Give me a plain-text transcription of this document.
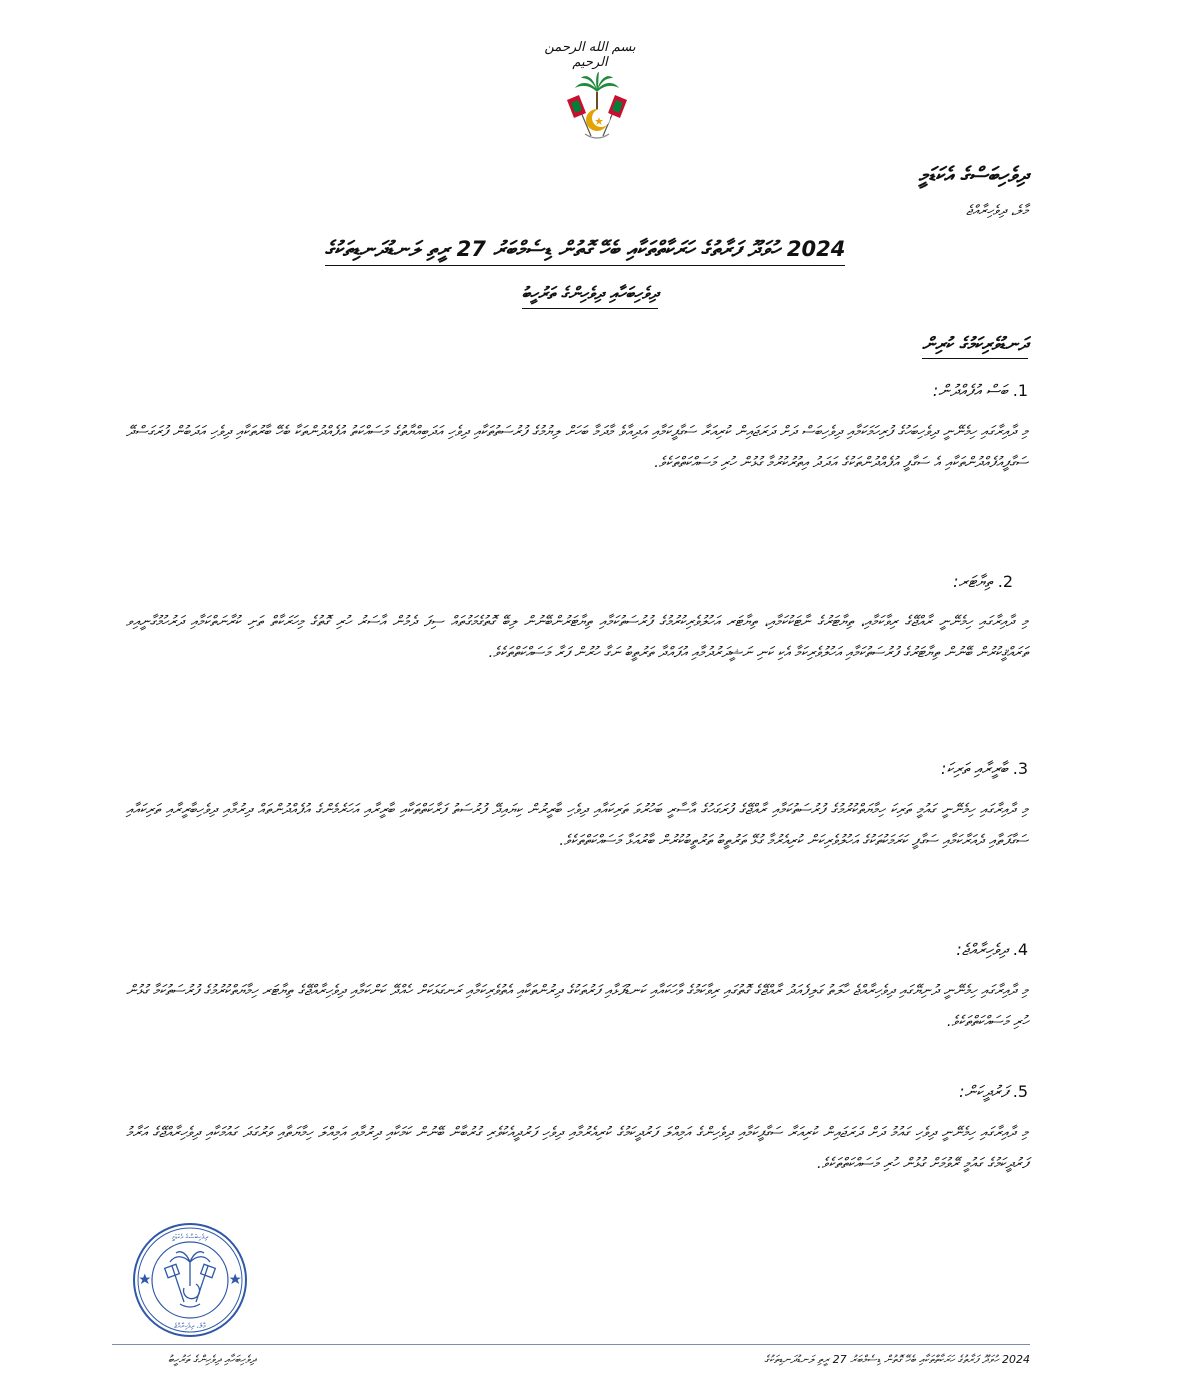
بسم الله الرحمن الرحيم
ދިވެހިބަސްގެ އެކަޑަމީ
މާލެ، ދިވެހިރާއްޖެ
2024 ހުވަދޫ ފަރާތުގެ ހަރަކާތްތަކާއި ބެހޭ ގޮތުން ޑިސެމްބަރު 27 ރީތި ލަނޑުދަނޑިތަކުގެ
ދިވެހިބަހާއި ދިވެހިންގެ ތަރުހީބު
ދަނޑުވެރިކަމުގެ ކުރިން
1. ބަސް އުފެއްދުން:
މި ދާއިރާގައި ހިމެނޭނީ ދިވެހިބަހުގެ ފުރިހަމަކަމާއި ދިވެހިބަސް ދަށް ދަރަޖައިން ކުރިއަރާ ސަގާފީކަމާއި އަދިއާވެ މާދަމާ ބަހަށް ލިޔުމުގެ ފުރުސަތުތަކާއި ދިވެހި އަދަބިއްޔާތުގެ މަސައްކަތު އުފެއްދުންތަކާ ބެހޭ ބާރުތަކާއި ދިވެހި އަދަބުން ފުރަގަސްދޭ ސަގާފީއުފެއްދުންތަކާއި އެ ސަގާފީ އުފެއްދުންތަކުގެ އަދަދު އިތުރުކުރުމާ ގުޅުން ހުރި މަސައްކަތްތަކެވެ.
2. ތިޔާޓަރ:
މި ދާއިރާގައި ހިމެނޭނީ ރާއްޖޭގެ ރިވާކަމާއި، ތިޔާޓަރުގެ ނާޓަކުކަމާއި، ތިޔާޓަރ އަހުލުވެރިކުރުމުގެ ފުރުސަތުކަމާއި ތިޔާޓަރުންބޭނުން ލިބޭ ގޮތުގެމަގުތައް ސިފަ ދެމުން އާސަރު ހުރި ގޮތުގެ މިހަރަކާތް ތަށި ކުރާނަތްކަމާއި ދަރުހުމުގާނީއިވ ތަރައްޤީކުރުން ބޭނުން ތިޔާޓަރުގެ ފުރުސަތުކަމާއި އަހުލުވެރިކަމާ އެކި ކަނި ނަޝީދަރުދުމާއި އުފައްދާ ތަރުތީބު ނަގާ ހުރުން ފަރާ މަސައްކަތްތަކެވެ.
3. ބާރީރާއި ތަރިކަ:
މި ދާއިރާގައި ހިމެނޭނީ ގައުމީ ތަރިކަ ހިމާޔަތްކުރުމުގެ ފުރުސަތުކަމާއި ރާއްޖޭގެ ފުރަގަހުގެ އާސާރީ ބަހުރުވަ ތަރިކައާއި ދިވެހި ބާރީރުން ކިޔައިދޭ ފުރުސަތު ފަރާކަތްތަކާއި ބާރީރާއި އަހަރެމެންގެ އުފެއްދުންތައް ދިރުމާއި ދިވެހިބާރީރާއި ތަރިކައާއި ސަގާފަތާއި ދެއަރާކަމާއި ސަގާފީ ކަރަމަކުތަކުގެ އަހުލުވެރިކަން ކުރިއެރުމާ ގުޅޭ ތަރުތީބު ތަރުތީބުކުރުން ބާރުއަޅާ މަސައްކަތްތަކެވެ.
4. ދިވެހިރާއްޖެ:
މި ދާއިރާގައި ހިމެނޭނީ ދުނިޔޭގައި ދިވެހިރާއްޖެ ހާލަތު ގަލިފެއަދު ރާއްޖޭގެ ގޮތުގައި ރިވާކަމުގެ ވާހަކައާއި ކަނޑުފަޅާއި ފަރުތަކުގެ ދިރުންތަކާއި އެތުވެރިކަމާއި ރަނގަޅަކަށް ހެއްދޭ ކަންކަމާއި ދިވެހިރާއްޖޭގެ ތިޔާޓަރ ހިމާޔަތްކުރުމުގެ ފުރުސަތުކަމާ ގުޅުން ހުރި މަސައްކަތްތަކެވެ.
5. ފަރުދީކަން:
މި ދާއިރާގައި ހިމެނޭނީ ދިވެހި ގައުމު ދަށް ދަރަޖައިން ކުރިއަރާ ސަގާފީކަމާއި ދިވެހިންގެ އަމިއްލަ ފަރުދީކަމުގެ ކުރިއެރުމާއި ދިވެހި ފަރުދީއެކުވެރި ގުރުބާން ބޭނުން ކަމަކާއި ދިރުމާއި އަމިއްލަ ހިމާޔަތާއި ވަރުގަދަ ގައުމަކާއި ދިވެހިރާއްޖޭގެ އަރާމު ފަރުދީކަމުގެ ގައުމީ ރޭވުމަށް ގުޅުން ހުރި މަސައްކަތްތަކެވެ.
ދިވެހިބަސްގެ އެކަޑަމީ
މާލެ، ދިވެހިރާއްޖެ
ދިވެހިބަހާއި ދިވެހިންގެ ތަރުހީބު	2024 ހުވަދޫ ފަރާތުގެ ހަރަކާތްތަކާއި ބެހޭ ގޮތުން ޑިސެމްބަރު 27 ރީތި ލަނޑުދަނޑިތަކުގެ
